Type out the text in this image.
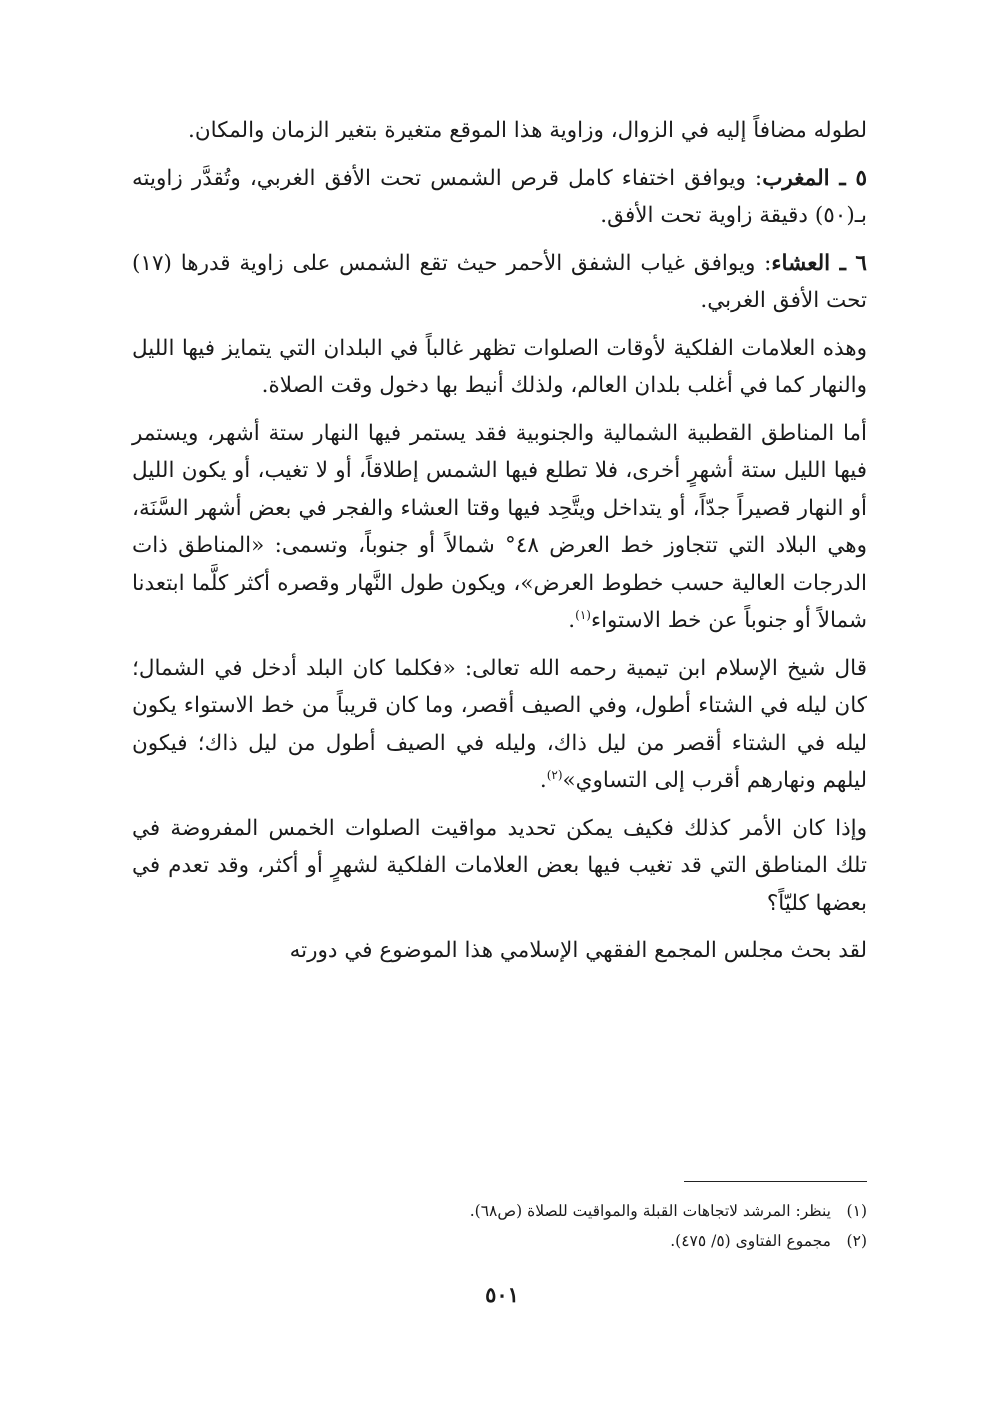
لطوله مضافاً إليه في الزوال، وزاوية هذا الموقع متغيرة بتغير الزمان والمكان.

٥ ـ المغرب: ويوافق اختفاء كامل قرص الشمس تحت الأفق الغربي، وتُقدَّر زاويته بـ(٥٠) دقيقة زاوية تحت الأفق.

٦ ـ العشاء: ويوافق غياب الشفق الأحمر حيث تقع الشمس على زاوية قدرها (١٧) تحت الأفق الغربي.

وهذه العلامات الفلكية لأوقات الصلوات تظهر غالباً في البلدان التي يتمايز فيها الليل والنهار كما في أغلب بلدان العالم، ولذلك أنيط بها دخول وقت الصلاة.

أما المناطق القطبية الشمالية والجنوبية فقد يستمر فيها النهار ستة أشهر، ويستمر فيها الليل ستة أشهرٍ أخرى، فلا تطلع فيها الشمس إطلاقاً، أو لا تغيب، أو يكون الليل أو النهار قصيراً جدّاً، أو يتداخل ويتَّحِد فيها وقتا العشاء والفجر في بعض أشهر السَّنَة، وهي البلاد التي تتجاوز خط العرض ٤٨° شمالاً أو جنوباً، وتسمى: «المناطق ذات الدرجات العالية حسب خطوط العرض»، ويكون طول النَّهار وقصره أكثر كلَّما ابتعدنا شمالاً أو جنوباً عن خط الاستواء$^{(١)}$.

قال شيخ الإسلام ابن تيمية رحمه الله تعالى: «فكلما كان البلد أدخل في الشمال؛ كان ليله في الشتاء أطول، وفي الصيف أقصر، وما كان قريباً من خط الاستواء يكون ليله في الشتاء أقصر من ليل ذاك، وليله في الصيف أطول من ليل ذاك؛ فيكون ليلهم ونهارهم أقرب إلى التساوي»$^{(٢)}$.

وإذا كان الأمر كذلك فكيف يمكن تحديد مواقيت الصلوات الخمس المفروضة في تلك المناطق التي قد تغيب فيها بعض العلامات الفلكية لشهرٍ أو أكثر، وقد تعدم في بعضها كليّاً؟

لقد بحث مجلس المجمع الفقهي الإسلامي هذا الموضوع في دورته

(١)ينظر: المرشد لاتجاهات القبلة والمواقيت للصلاة (ص٦٨).
(٢)مجموع الفتاوى (٥/ ٤٧٥).
٥٠١
